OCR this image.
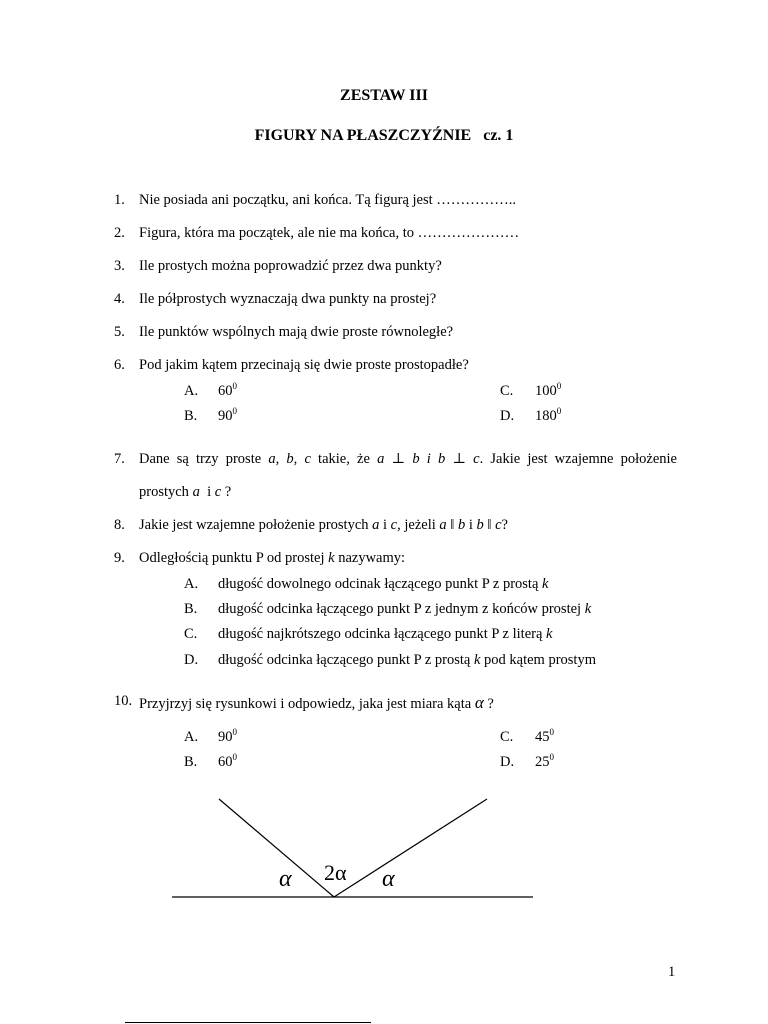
ZESTAW III
FIGURY NA PŁASZCZYŹNIE   cz. 1
1. Nie posiada ani początku, ani końca. Tą figurą jest ……………..
2. Figura, która ma początek, ale nie ma końca, to …………………
3. Ile prostych można poprowadzić przez dwa punkty?
4. Ile półprostych wyznaczają dwa punkty na prostej?
5. Ile punktów wspólnych mają dwie proste równoległe?
6. Pod jakim kątem przecinają się dwie proste prostopadłe?
A. $60^0$
B. $90^0$
C. $100^0$
D. $180^0$
7. Dane są trzy proste a, b, c takie, że a ⊥ b i b ⊥ c. Jakie jest wzajemne położenie
prostych a  i c ?
8. Jakie jest wzajemne położenie prostych a i c, jeżeli a ǁ b i b ǁ c?
9. Odległością punktu P od prostej k nazywamy:
A. długość dowolnego odcinak łączącego punkt P z prostą k
B. długość odcinka łączącego punkt P z jednym z końców prostej k
C. długość najkrótszego odcinka łączącego punkt P z literą k
D. długość odcinka łączącego punkt P z prostą k pod kątem prostym
10. Przyjrzyj się rysunkowi i odpowiedz, jaka jest miara kąta α ?
A. $90^0$
B. $60^0$
C. $45^0$
D. $25^0$
α 2α α
1
